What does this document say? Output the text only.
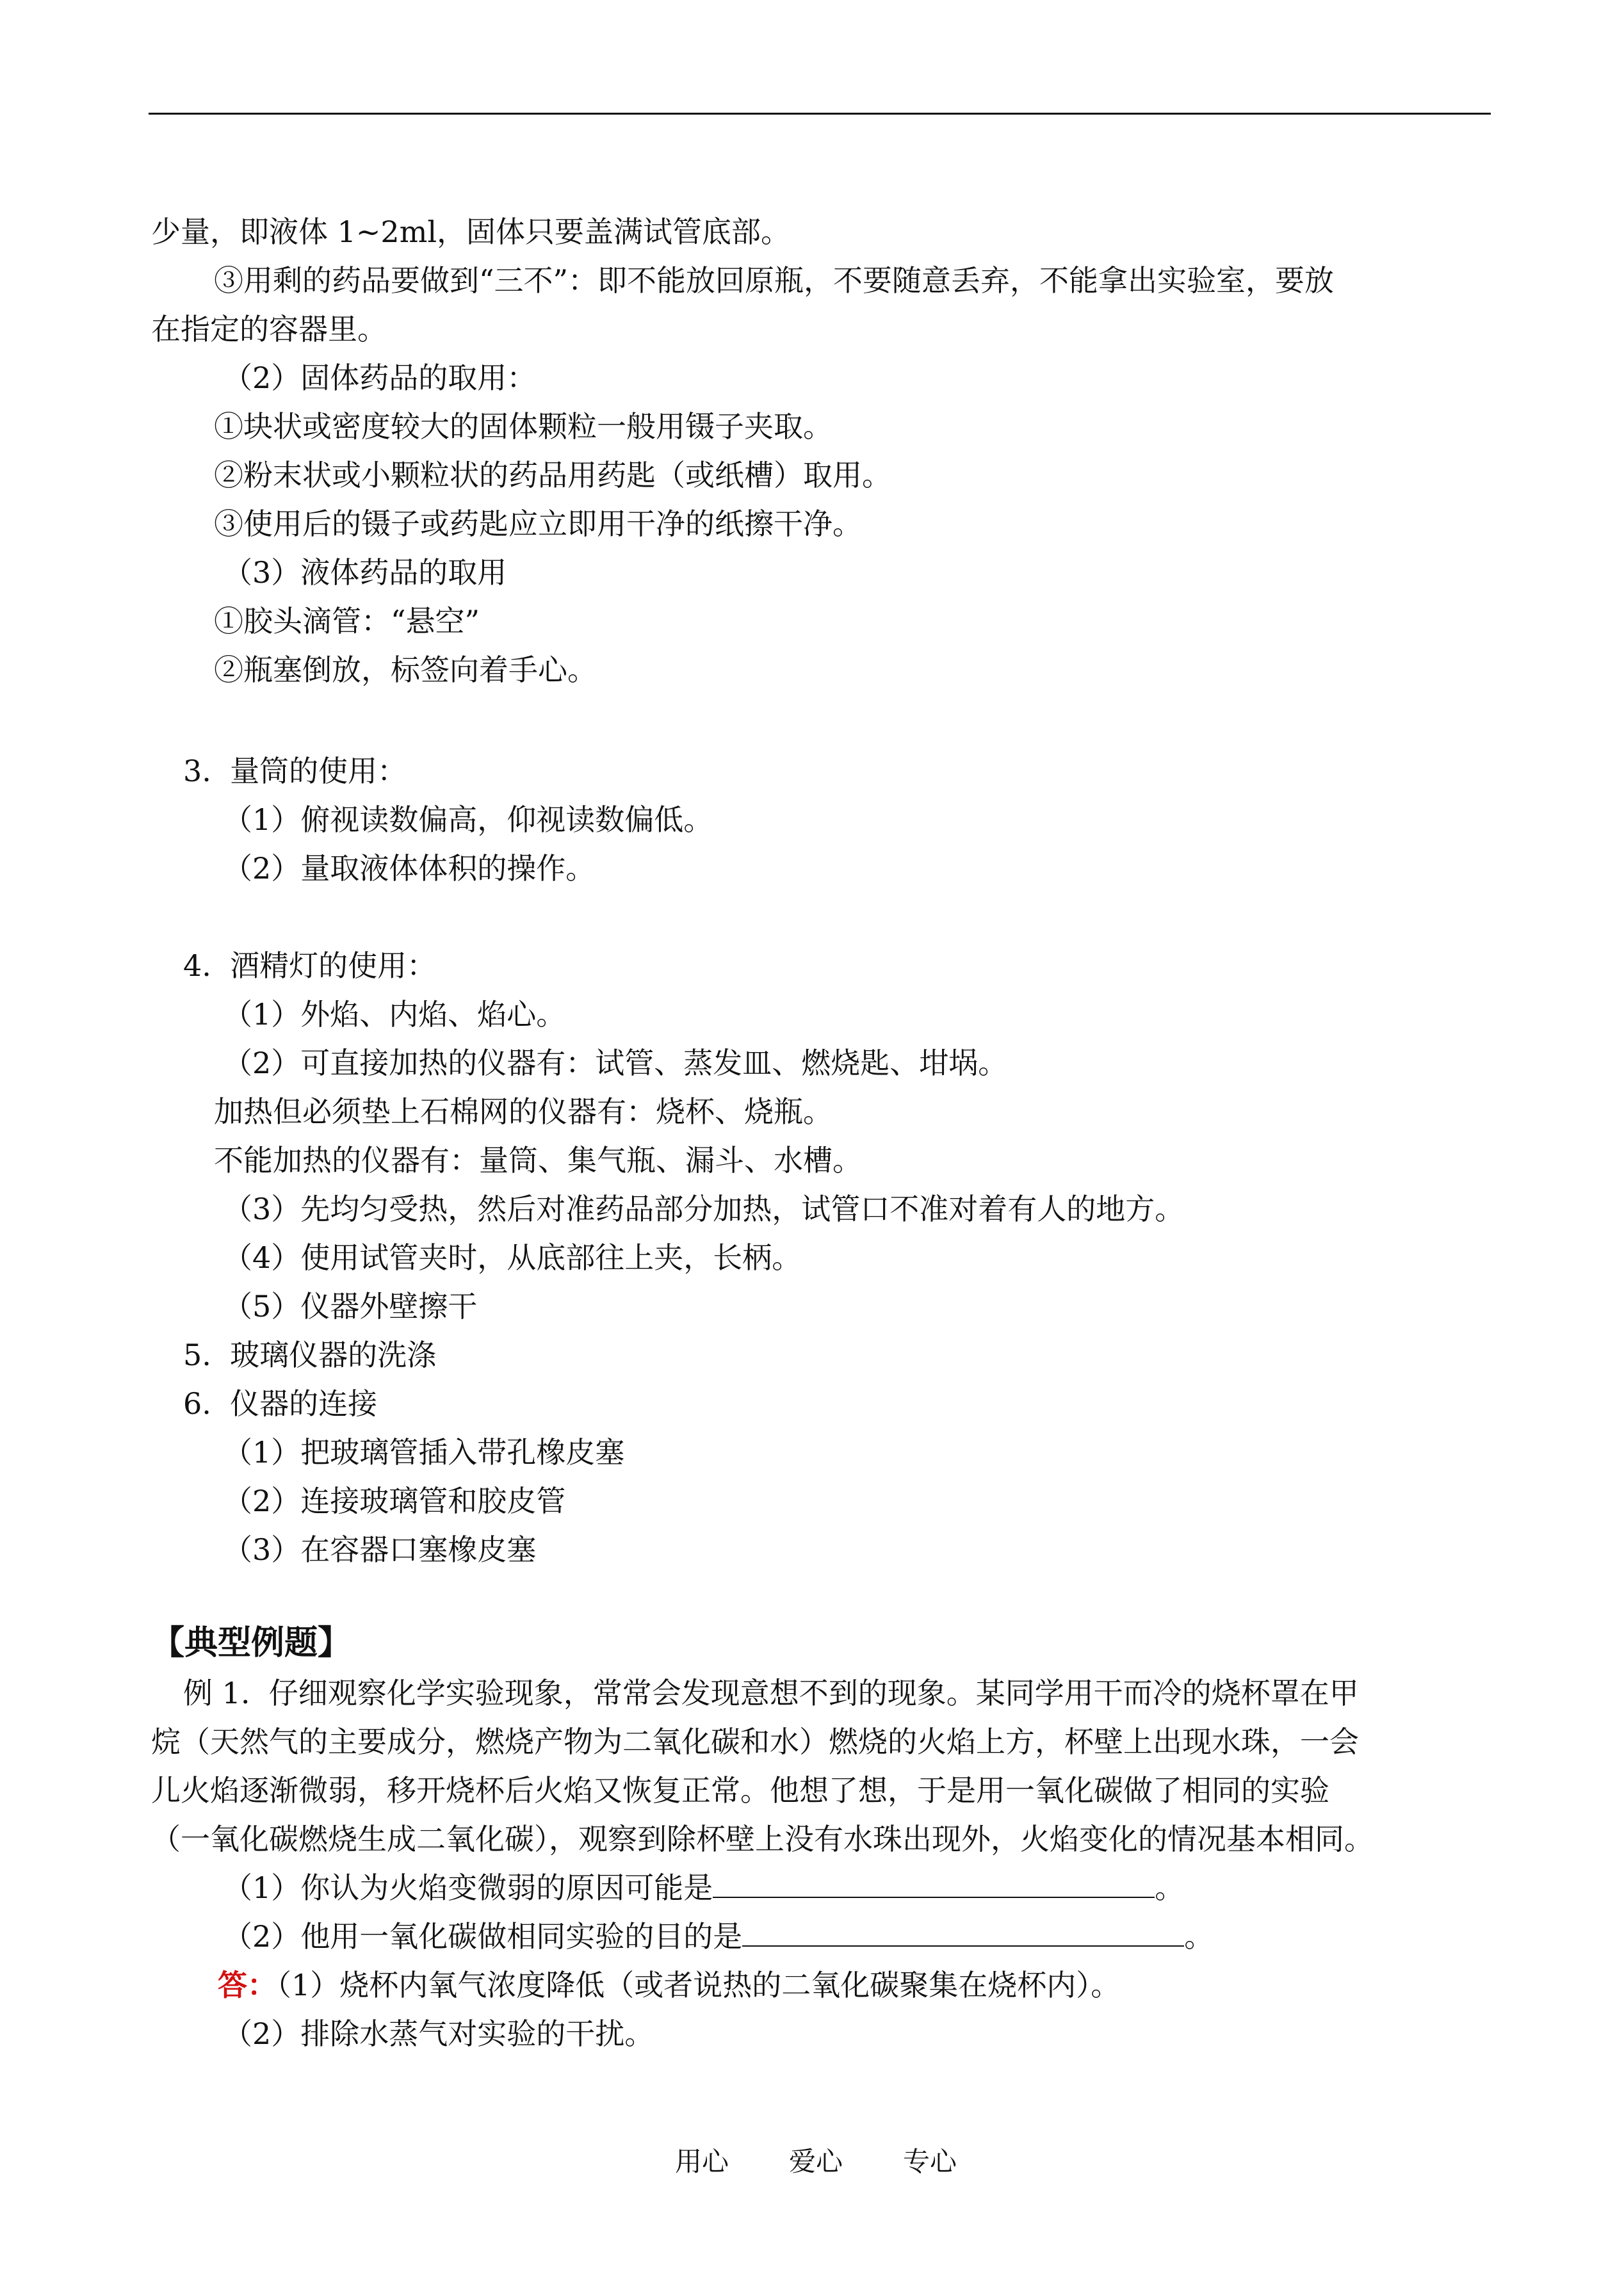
少量，即液体 1~2ml，固体只要盖满试管底部。
③用剩的药品要做到“三不”：即不能放回原瓶，不要随意丢弃，不能拿出实验室，要放
在指定的容器里。
（2）固体药品的取用：
①块状或密度较大的固体颗粒一般用镊子夹取。
②粉末状或小颗粒状的药品用药匙（或纸槽）取用。
③使用后的镊子或药匙应立即用干净的纸擦干净。
（3）液体药品的取用
①胶头滴管：“悬空”
②瓶塞倒放，标签向着手心。
3.  量筒的使用：
（1）俯视读数偏高，仰视读数偏低。
（2）量取液体体积的操作。
4.  酒精灯的使用：
（1）外焰、内焰、焰心。
（2）可直接加热的仪器有：试管、蒸发皿、燃烧匙、坩埚。
加热但必须垫上石棉网的仪器有：烧杯、烧瓶。
不能加热的仪器有：量筒、集气瓶、漏斗、水槽。
（3）先均匀受热，然后对准药品部分加热，试管口不准对着有人的地方。
（4）使用试管夹时，从底部往上夹，长柄。
（5）仪器外壁擦干
5.  玻璃仪器的洗涤
6.  仪器的连接
（1）把玻璃管插入带孔橡皮塞
（2）连接玻璃管和胶皮管
（3）在容器口塞橡皮塞
【典型例题】
例 1.  仔细观察化学实验现象，常常会发现意想不到的现象。某同学用干而冷的烧杯罩在甲
烷（天然气的主要成分，燃烧产物为二氧化碳和水）燃烧的火焰上方，杯壁上出现水珠，一会
儿火焰逐渐微弱，移开烧杯后火焰又恢复正常。他想了想，于是用一氧化碳做了相同的实验
（一氧化碳燃烧生成二氧化碳），观察到除杯壁上没有水珠出现外，火焰变化的情况基本相同。
（1）你认为火焰变微弱的原因可能是	。
（2）他用一氧化碳做相同实验的目的是	。
答：（1）烧杯内氧气浓度降低（或者说热的二氧化碳聚集在烧杯内）。
（2）排除水蒸气对实验的干扰。
用心 爱心 专心
